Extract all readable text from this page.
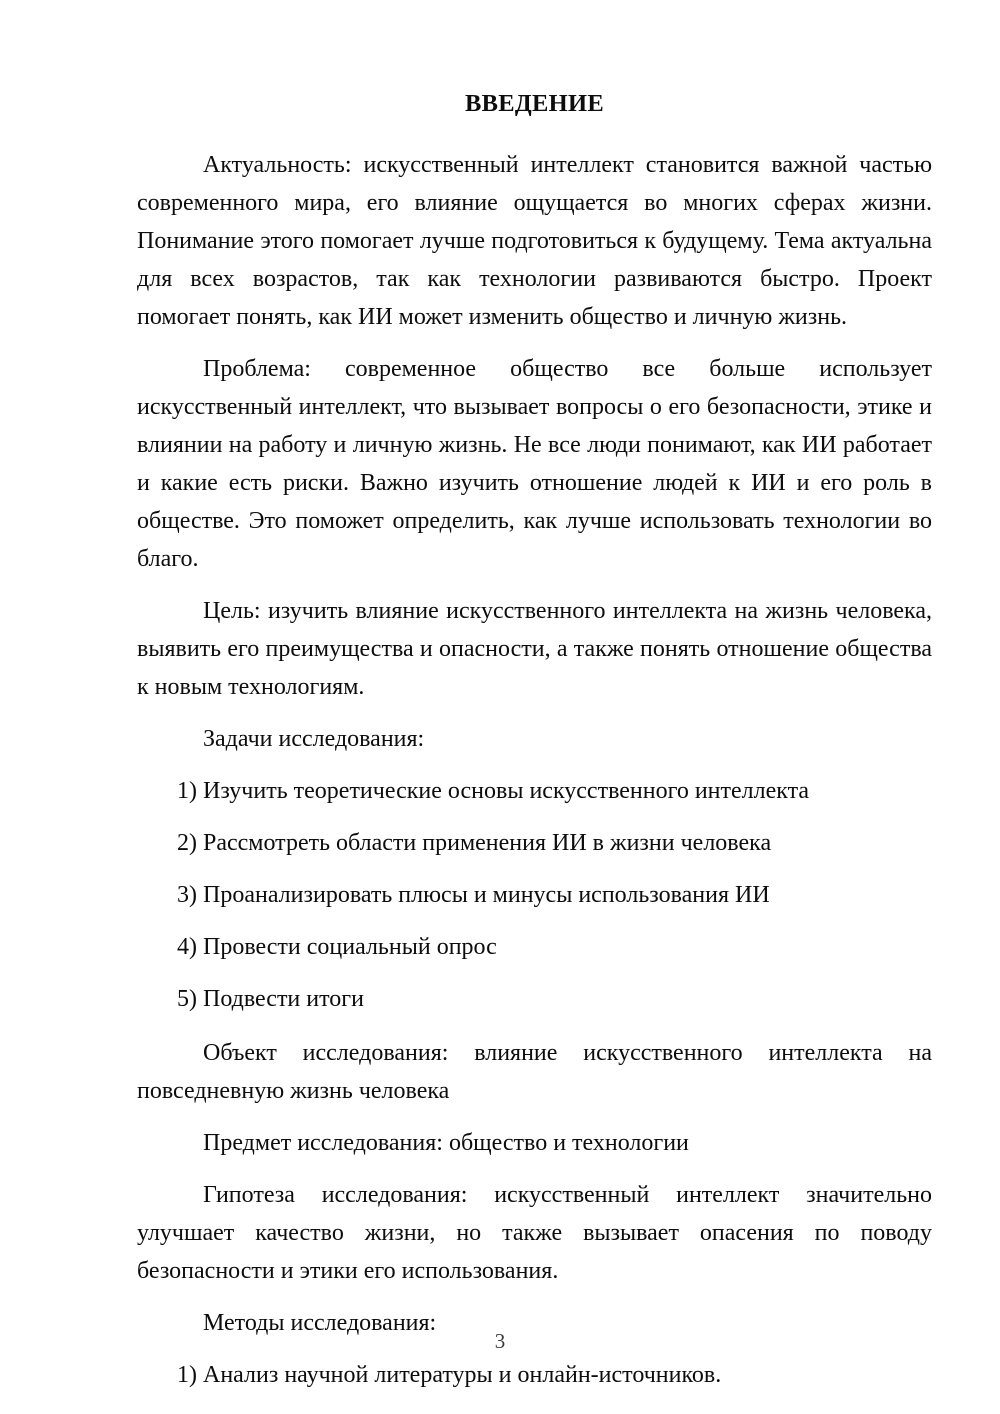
ВВЕДЕНИЕ

Актуальность: искусственный интеллект становится важной частью современного мира, его влияние ощущается во многих сферах жизни. Понимание этого помогает лучше подготовиться к будущему. Тема актуальна для всех возрастов, так как технологии развиваются быстро. Проект помогает понять, как ИИ может изменить общество и личную жизнь.

Проблема: современное общество все больше использует искусственный интеллект, что вызывает вопросы о его безопасности, этике и влиянии на работу и личную жизнь. Не все люди понимают, как ИИ работает и какие есть риски. Важно изучить отношение людей к ИИ и его роль в обществе. Это поможет определить, как лучше использовать технологии во благо.

Цель: изучить влияние искусственного интеллекта на жизнь человека, выявить его преимущества и опасности, а также понять отношение общества к новым технологиям.

Задачи исследования:

1) Изучить теоретические основы искусственного интеллекта
2) Рассмотреть области применения ИИ в жизни человека
3) Проанализировать плюсы и минусы использования ИИ
4) Провести социальный опрос
5) Подвести итоги

Объект исследования: влияние искусственного интеллекта на повседневную жизнь человека

Предмет исследования: общество и технологии

Гипотеза исследования: искусственный интеллект значительно улучшает качество жизни, но также вызывает опасения по поводу безопасности и этики его использования.

Методы исследования:

1) Анализ научной литературы и онлайн-источников.
3
